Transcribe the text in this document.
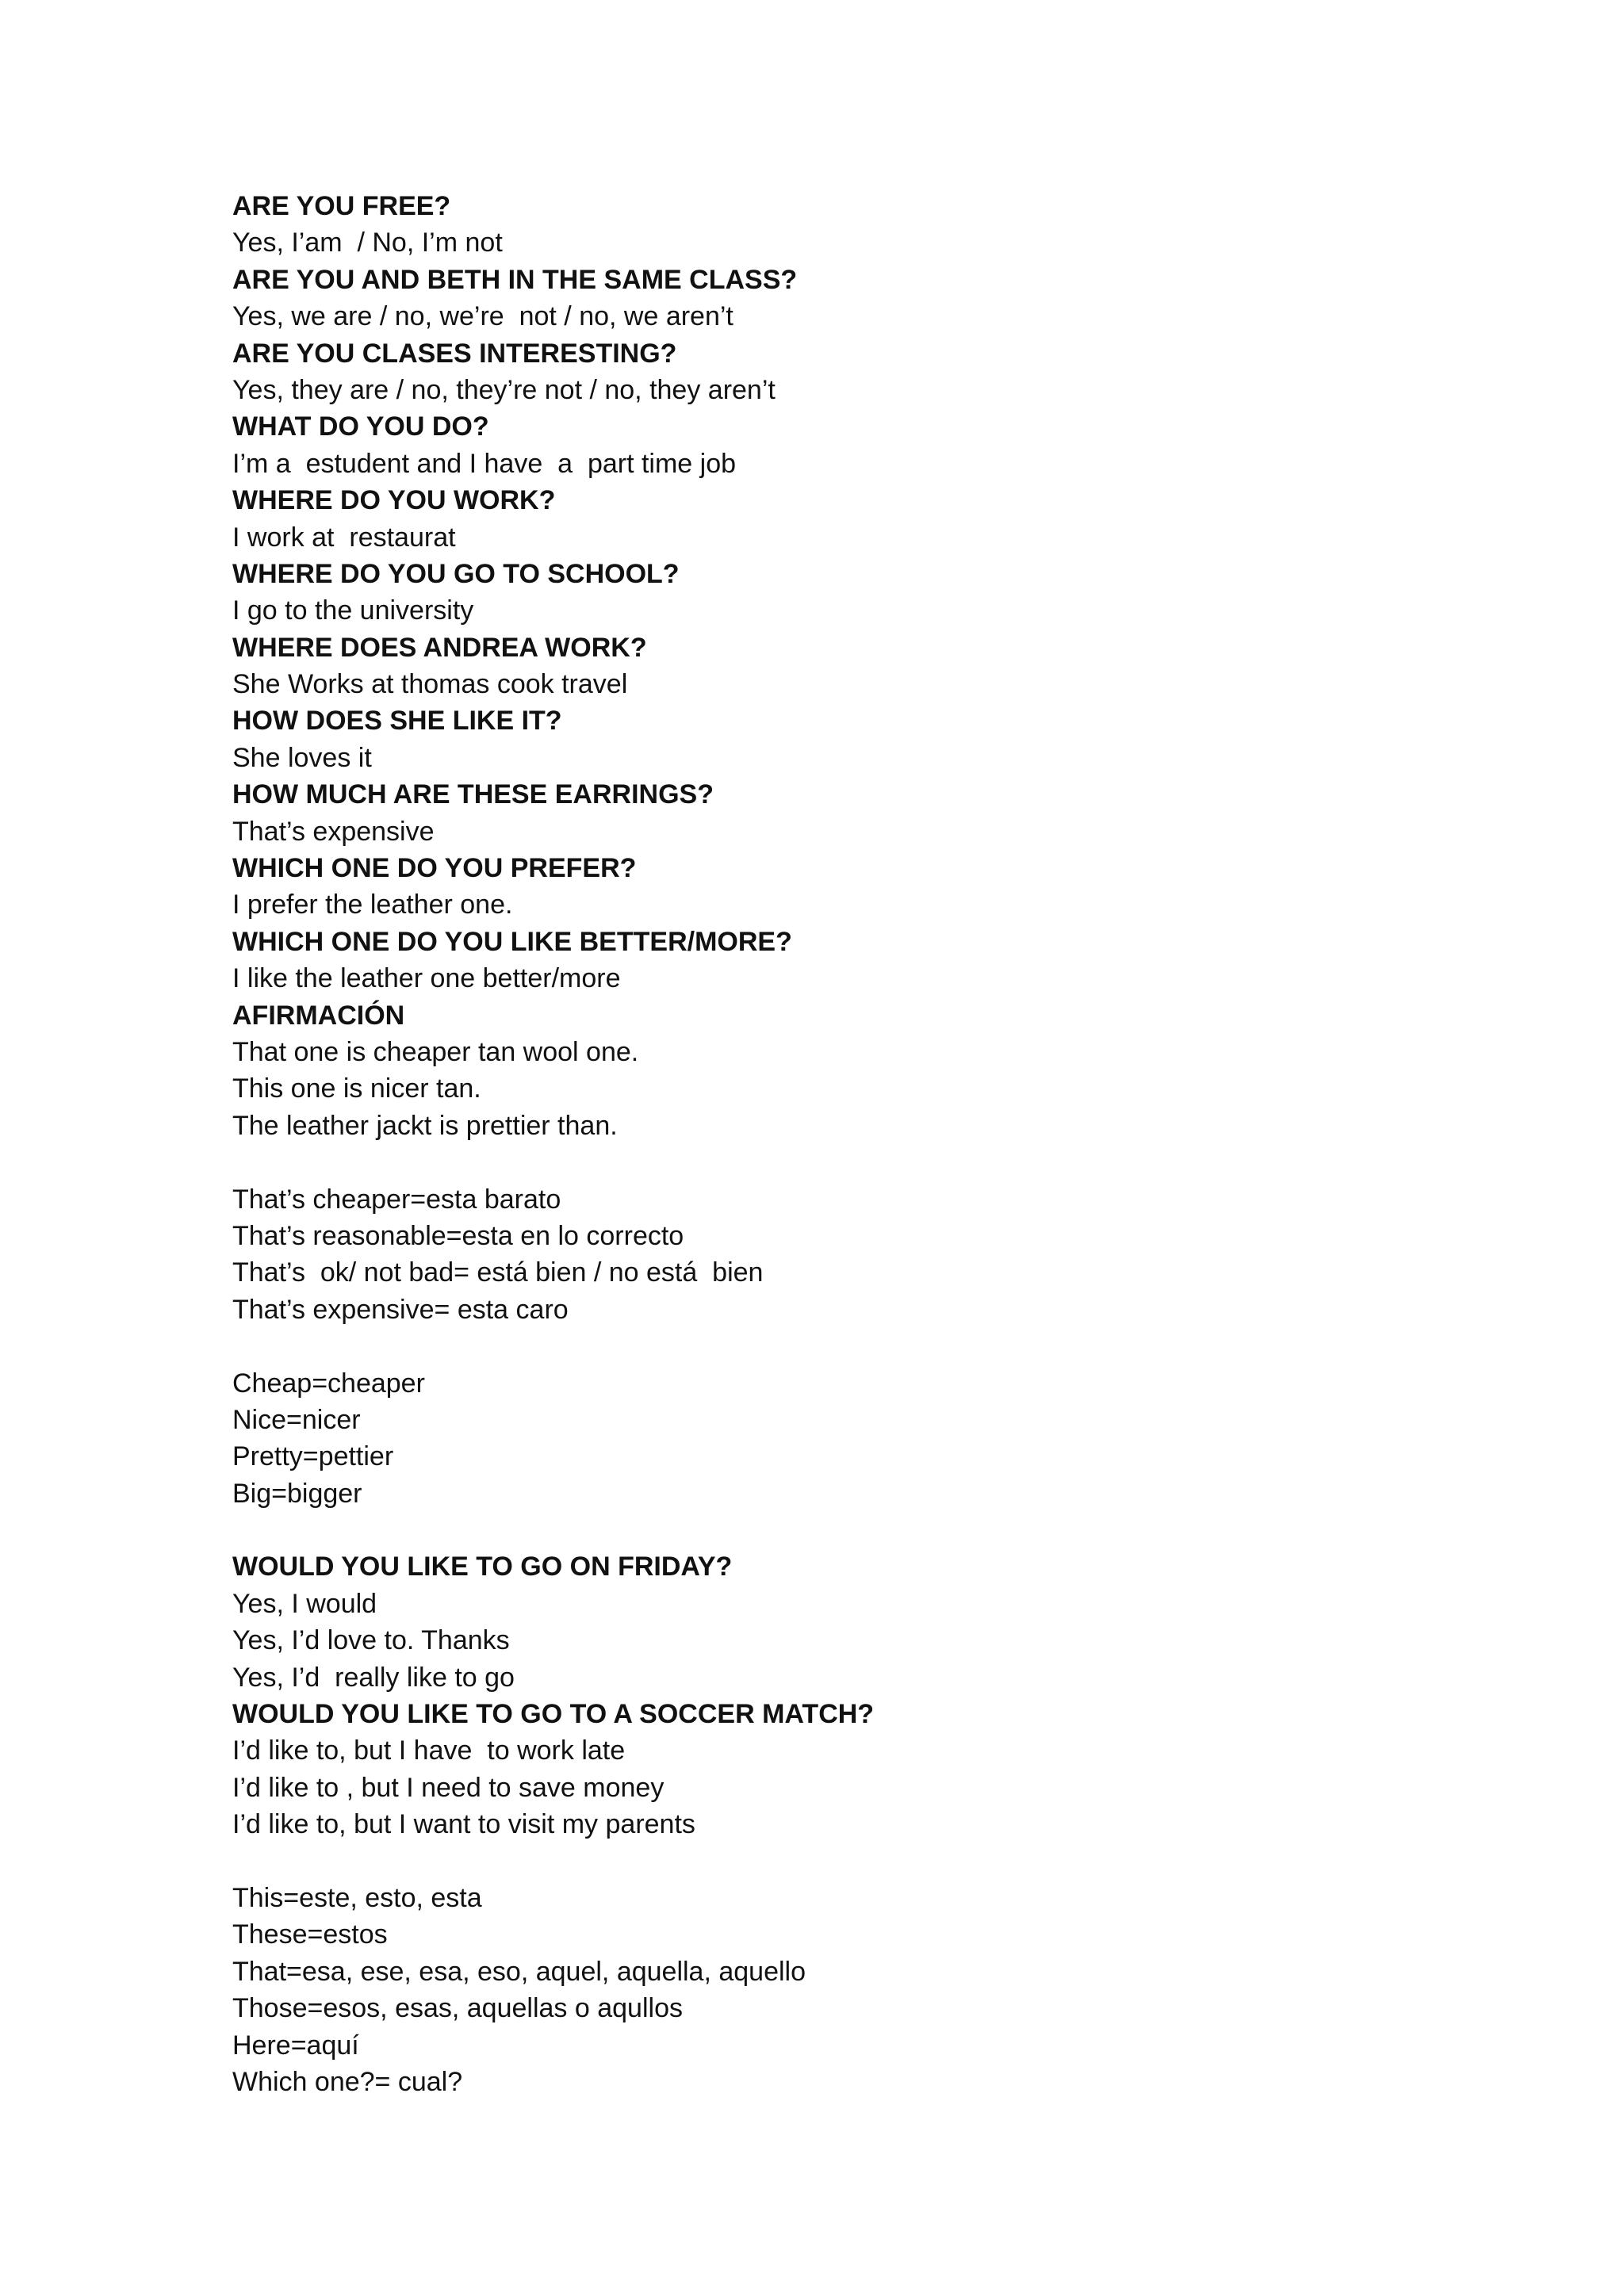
ARE YOU FREE?
Yes, I’am  / No, I’m not
ARE YOU AND BETH IN THE SAME CLASS?
Yes, we are / no, we’re  not / no, we aren’t
ARE YOU CLASES INTERESTING?
Yes, they are / no, they’re not / no, they aren’t
WHAT DO YOU DO?
I’m a  estudent and I have  a  part time job
WHERE DO YOU WORK?
I work at  restaurat
WHERE DO YOU GO TO SCHOOL?
I go to the university
WHERE DOES ANDREA WORK?
She Works at thomas cook travel
HOW DOES SHE LIKE IT?
She loves it
HOW MUCH ARE THESE EARRINGS?
That’s expensive
WHICH ONE DO YOU PREFER?
I prefer the leather one.
WHICH ONE DO YOU LIKE BETTER/MORE?
I like the leather one better/more
AFIRMACIÓN
That one is cheaper tan wool one.
This one is nicer tan.
The leather jackt is prettier than.
That’s cheaper=esta barato
That’s reasonable=esta en lo correcto
That’s  ok/ not bad= está bien / no está  bien
That’s expensive= esta caro
Cheap=cheaper
Nice=nicer
Pretty=pettier
Big=bigger
WOULD YOU LIKE TO GO ON FRIDAY?
Yes, I would
Yes, I’d love to. Thanks
Yes, I’d  really like to go
WOULD YOU LIKE TO GO TO A SOCCER MATCH?
I’d like to, but I have  to work late
I’d like to , but I need to save money
I’d like to, but I want to visit my parents
This=este, esto, esta
These=estos
That=esa, ese, esa, eso, aquel, aquella, aquello
Those=esos, esas, aquellas o aqullos
Here=aquí
Which one?= cual?
